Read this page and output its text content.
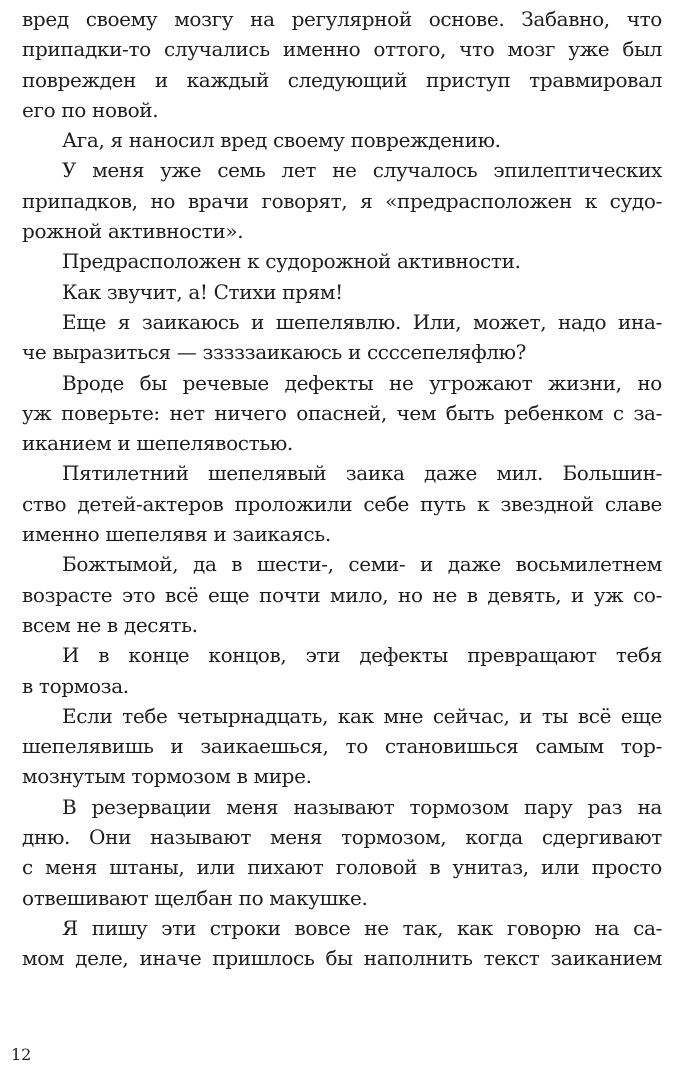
вред своему мозгу на регулярной основе. Забавно, что
припадки-то случались именно оттого, что мозг уже был
поврежден и каждый следующий приступ травмировал
его по новой.
Ага, я наносил вред своему повреждению.
У меня уже семь лет не случалось эпилептических
припадков, но врачи говорят, я «предрасположен к судо-
рожной активности».
Предрасположен к судорожной активности.
Как звучит, а! Стихи прям!
Еще я заикаюсь и шепелявлю. Или, может, надо ина-
че выразиться — зззззаикаюсь и ссссепеляфлю?
Вроде бы речевые дефекты не угрожают жизни, но
уж поверьте: нет ничего опасней, чем быть ребенком с за-
иканием и шепелявостью.
Пятилетний шепелявый заика даже мил. Большин-
ство детей-актеров проложили себе путь к звездной славе
именно шепелявя и заикаясь.
Божтымой, да в шести-, семи- и даже восьмилетнем
возрасте это всё еще почти мило, но не в девять, и уж со-
всем не в десять.
И в конце концов, эти дефекты превращают тебя
в тормоза.
Если тебе четырнадцать, как мне сейчас, и ты всё еще
шепелявишь и заикаешься, то становишься самым тор-
мознутым тормозом в мире.
В резервации меня называют тормозом пару раз на
дню. Они называют меня тормозом, когда сдергивают
с меня штаны, или пихают головой в унитаз, или просто
отвешивают щелбан по макушке.
Я пишу эти строки вовсе не так, как говорю на са-
мом деле, иначе пришлось бы наполнить текст заиканием
12
